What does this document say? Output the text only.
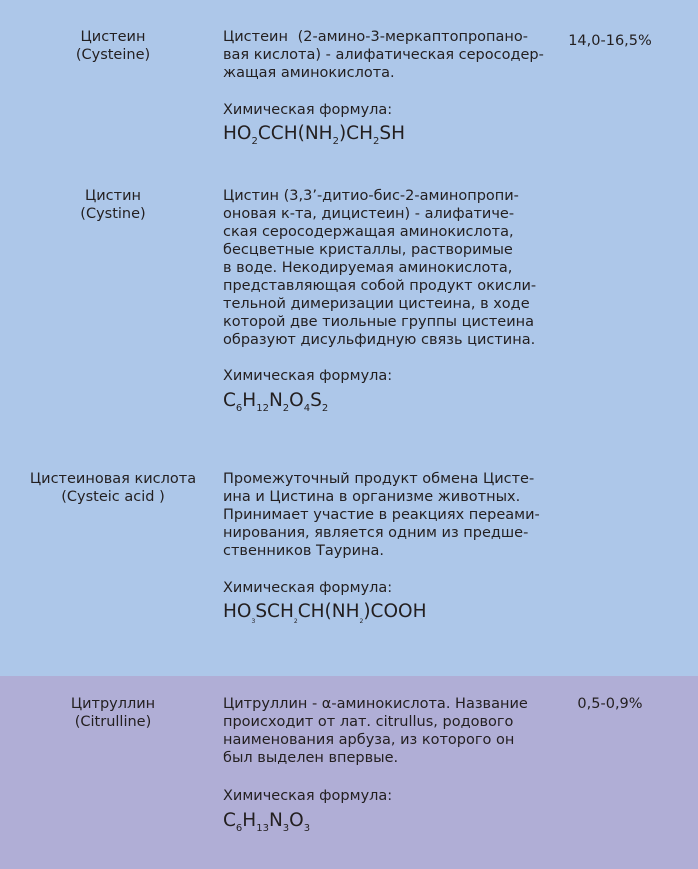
Цистеин
(Cysteine)
Цистеин (2-амино-3-меркаптопропано-
вая кислота) - алифатическая серосодер-
жащая аминокислота.
Химическая формула:
$HO_2CCH(NH_2)CH_2SH$
14,0-16,5%
Цистин
(Cystine)
Цистин (3,3’-дитио-бис-2-аминопропи-
оновая к-та, дицистеин) - алифатиче-
ская серосодержащая аминокислота,
бесцветные кристаллы, растворимые
в воде. Некодируемая аминокислота,
представляющая собой продукт окисли-
тельной димеризации цистеина, в ходе
которой две тиольные группы цистеина
образуют дисульфидную связь цистина.
Химическая формула:
$C_6H_{12}N_2O_4S_2$
Цистеиновая кислота
(Cysteic acid )
Промежуточный продукт обмена Цисте-
ина и Цистина в организме животных.
Принимает участие в реакциях переами-
нирования, является одним из предше-
ственников Таурина.
Химическая формула:
$HO_3SCH_2CH(NH_2)COOH$
Цитруллин
(Citrulline)
Цитруллин - α-аминокислота. Название
происходит от лат. citrullus, родового
наименования арбуза, из которого он
был выделен впервые.
Химическая формула:
$C_6H_{13}N_3O_3$
0,5-0,9%
